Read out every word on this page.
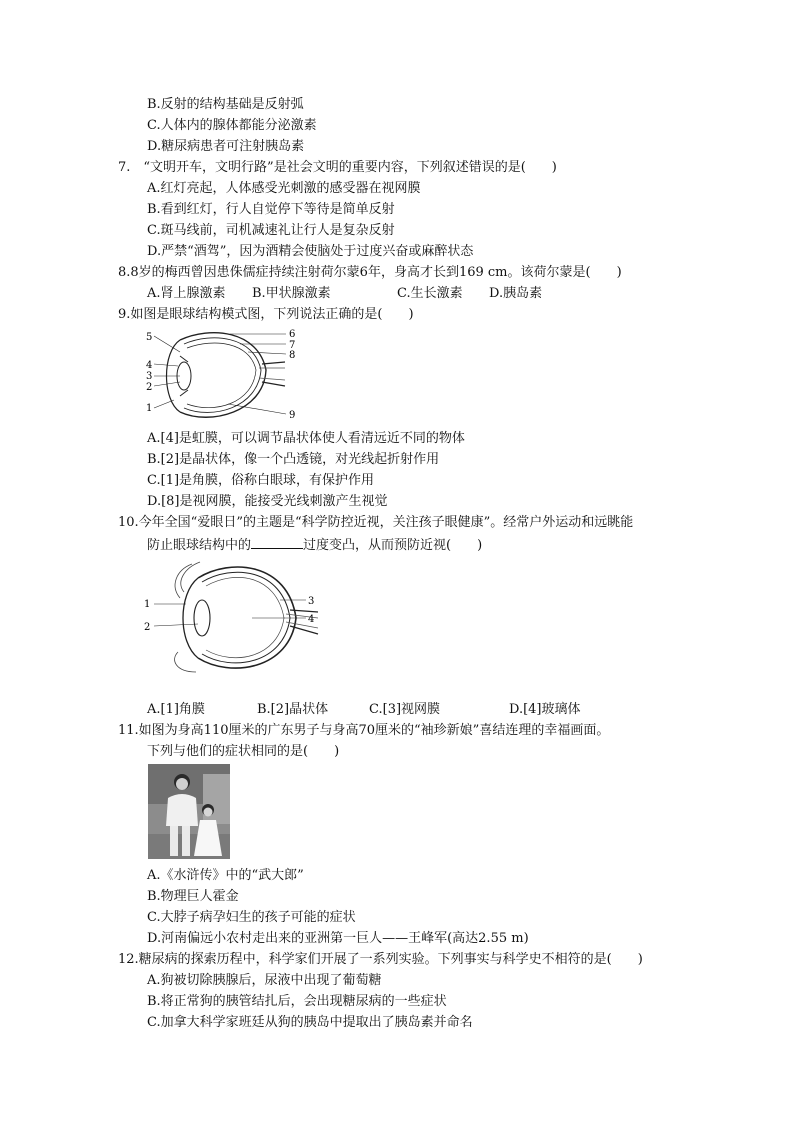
B.反射的结构基础是反射弧
C.人体内的腺体都能分泌激素
D.糖尿病患者可注射胰岛素
7.　“文明开车，文明行路”是社会文明的重要内容，下列叙述错误的是(　　)
A.红灯亮起，人体感受光刺激的感受器在视网膜
B.看到红灯，行人自觉停下等待是简单反射
C.斑马线前，司机减速礼让行人是复杂反射
D.严禁“酒驾”，因为酒精会使脑处于过度兴奋或麻醉状态
8.8岁的梅西曾因患侏儒症持续注射荷尔蒙6年，身高才长到169 cm。该荷尔蒙是(　　)
A.肾上腺激素	B.甲状腺激素	C.生长激素	D.胰岛素
9.如图是眼球结构模式图，下列说法正确的是(　　)
5
4
3
2
1
6
7
8
9
A.[4]是虹膜，可以调节晶状体使人看清远近不同的物体
B.[2]是晶状体，像一个凸透镜，对光线起折射作用
C.[1]是角膜，俗称白眼球，有保护作用
D.[8]是视网膜，能接受光线刺激产生视觉
10.今年全国“爱眼日”的主题是“科学防控近视，关注孩子眼健康”。经常户外运动和远眺能
防止眼球结构中的	过度变凸，从而预防近视(　　)
1
2
3
4
A.[1]角膜	B.[2]晶状体	C.[3]视网膜	D.[4]玻璃体
11.如图为身高110厘米的广东男子与身高70厘米的“袖珍新娘”喜结连理的幸福画面。
下列与他们的症状相同的是(　　)
A.《水浒传》中的“武大郎”
B.物理巨人霍金
C.大脖子病孕妇生的孩子可能的症状
D.河南偏远小农村走出来的亚洲第一巨人——王峰军(高达2.55 m)
12.糖尿病的探索历程中，科学家们开展了一系列实验。下列事实与科学史不相符的是(　　)
A.狗被切除胰腺后，尿液中出现了葡萄糖
B.将正常狗的胰管结扎后，会出现糖尿病的一些症状
C.加拿大科学家班廷从狗的胰岛中提取出了胰岛素并命名
